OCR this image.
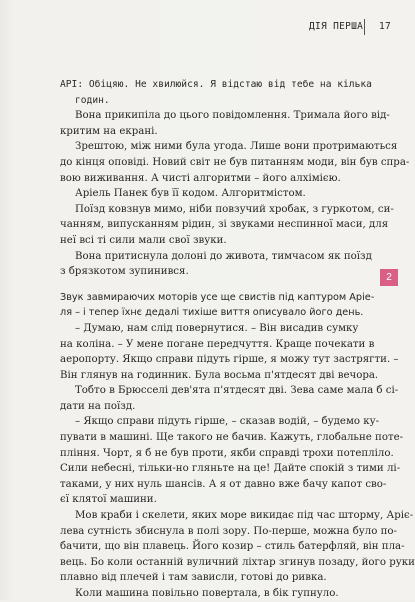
ДІЯ ПЕРША 17
2
API: Обіцяю. Не хвилюйся. Я відстаю від тебе на кілька
годин.
Вона прикипіла до цього повідомлення. Тримала його від-
критим на екрані.
Зрештою, між ними була угода. Лише вони протримаються
до кінця оповіді. Новий світ не був питанням моди, він був спра-
вою виживання. А чисті алгоритми – його алхімією.
Аріель Панек був її кодом. Алгоритмістом.
Поїзд ковзнув мимо, ніби повзучий хробак, з гуркотом, си-
чанням, випусканням рідин, зі звуками неспинної маси, для
неї всі ті сили мали свої звуки.
Вона притиснула долоні до живота, тимчасом як поїзд
з брязкотом зупинився.
Звук завмираючих моторів усе ще свистів під каптуром Аріе-
ля – і тепер їхнє дедалі тихіше виття описувало його день.
– Думаю, нам слід повернутися. – Він висадив сумку
на коліна. – У мене погане передчуття. Краще почекати в
аеропорту. Якщо справи підуть гірше, я можу тут застрягти. –
Він глянув на годинник. Була восьма п'ятдесят дві вечора.
Тобто в Брюсселі дев'ята п'ятдесят дві. Зева саме мала б сі-
дати на поїзд.
– Якщо справи підуть гірше, – сказав водій, – будемо ку-
пувати в машині. Ще такого не бачив. Кажуть, глобальне поте-
пління. Чорт, я б не був проти, якби справді трохи потепліло.
Сили небесні, тільки-но гляньте на це! Дайте спокій з тими лі-
таками, у них нуль шансів. А я от давно вже бачу капот сво-
єї клятої машини.
Мов краби і скелети, яких море викидає під час шторму, Аріє-
лева сутність збиснула в полі зору. По-перше, можна було по-
бачити, що він плавець. Його козир – стиль батерфляй, він пла-
вець. Бо коли останній вуличний ліхтар згинув позаду, його руки
плавно від плечей і там зависли, готові до ривка.
Коли машина повільно повертала, в бік гупнуло.
